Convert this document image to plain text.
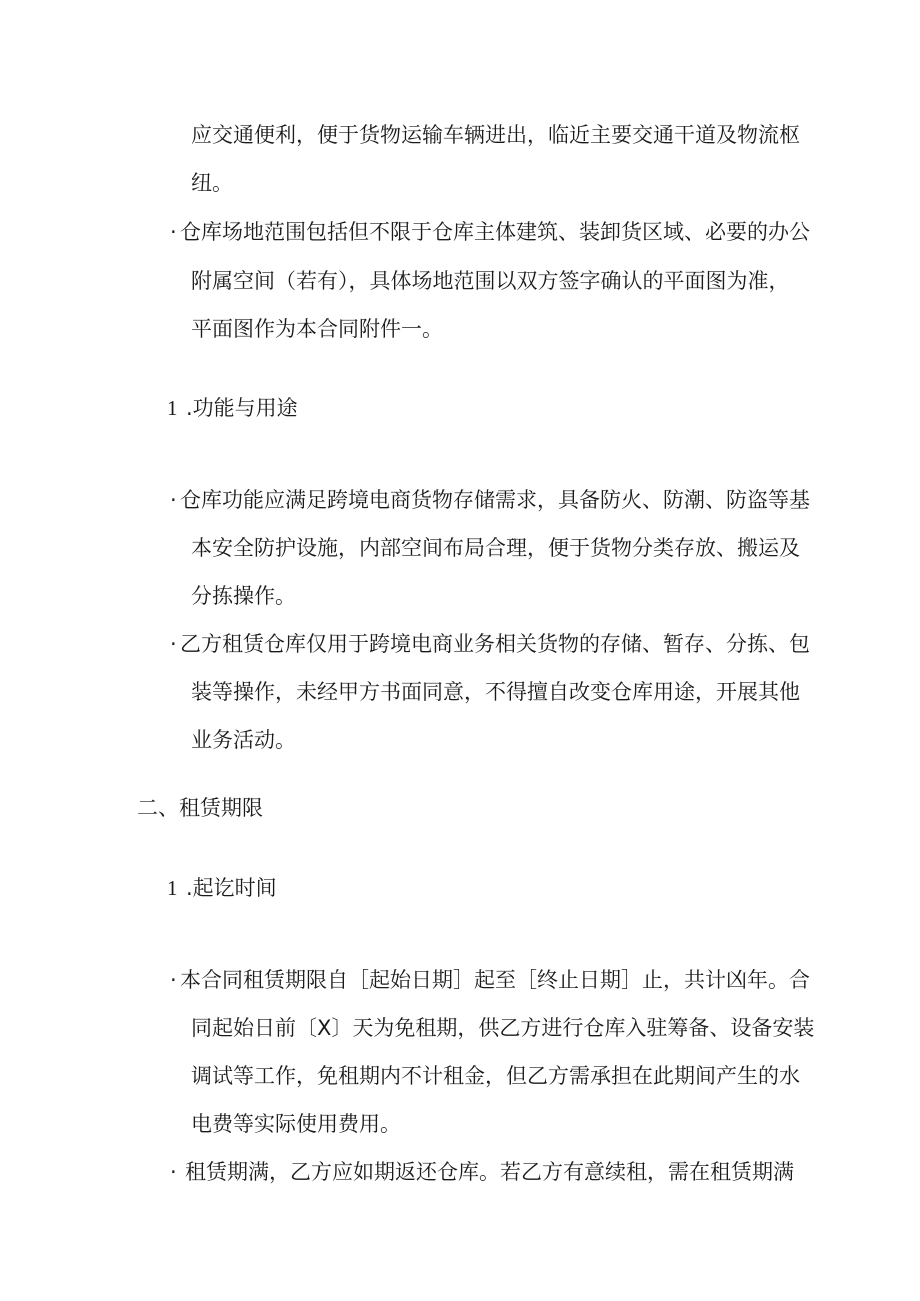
应交通便利，便于货物运输车辆进出，临近主要交通干道及物流枢
纽。
· 仓库场地范围包括但不限于仓库主体建筑、装卸货区域、必要的办公
附属空间（若有），具体场地范围以双方签字确认的平面图为准，
平面图作为本合同附件一。
1 .功能与用途
· 仓库功能应满足跨境电商货物存储需求，具备防火、防潮、防盗等基
本安全防护设施，内部空间布局合理，便于货物分类存放、搬运及
分拣操作。
· 乙方租赁仓库仅用于跨境电商业务相关货物的存储、暂存、分拣、包
装等操作，未经甲方书面同意，不得擅自改变仓库用途，开展其他
业务活动。
二、租赁期限
1 .起讫时间
· 本合同租赁期限自［起始日期］起至［终止日期］止，共计凶年。合
同起始日前〔X〕天为免租期，供乙方进行仓库入驻筹备、设备安装
调试等工作，免租期内不计租金，但乙方需承担在此期间产生的水
电费等实际使用费用。
· 租赁期满，乙方应如期返还仓库。若乙方有意续租，需在租赁期满
